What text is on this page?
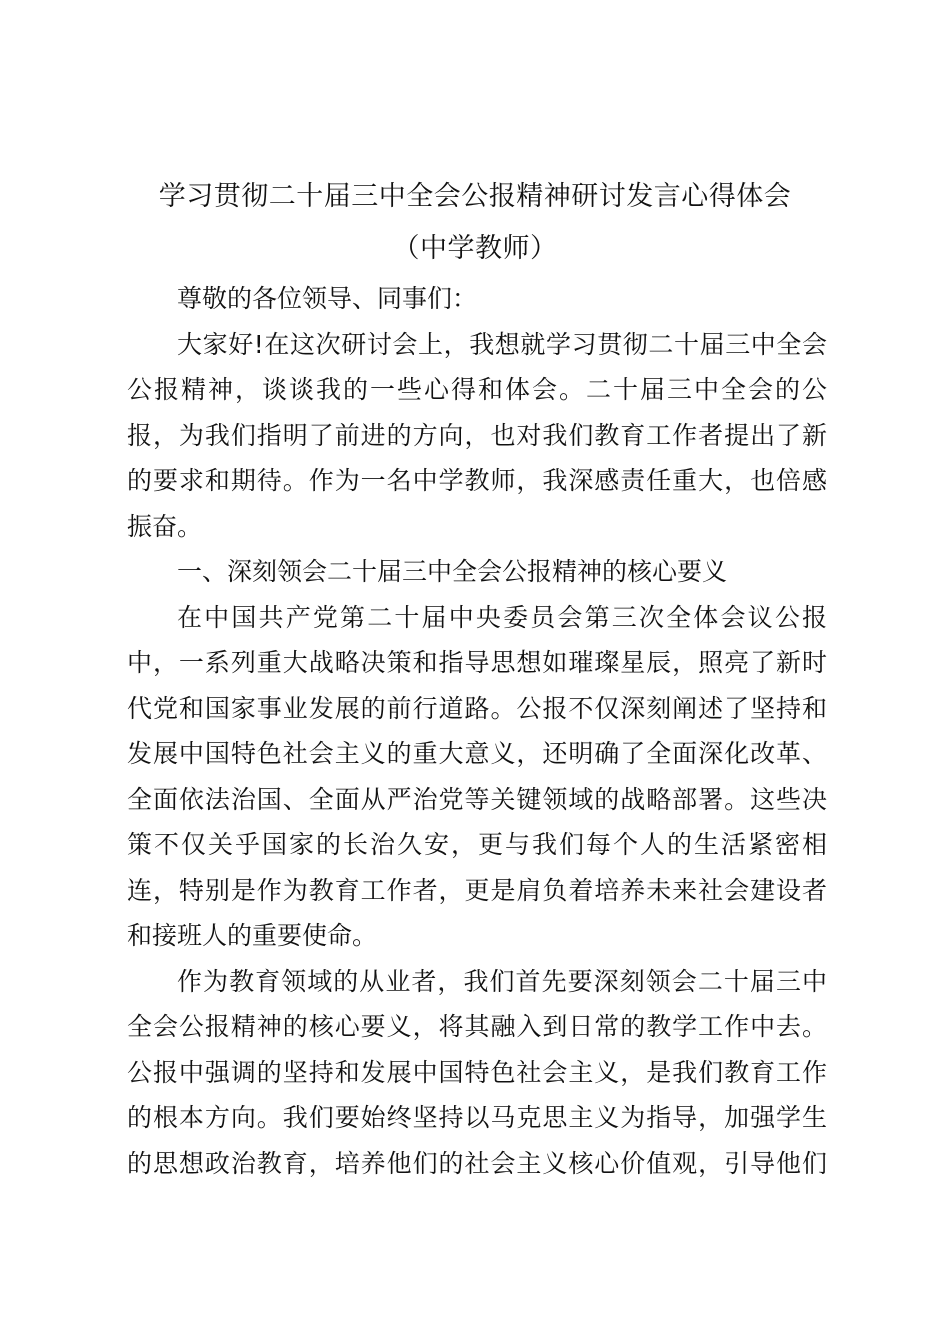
学习贯彻二十届三中全会公报精神研讨发言心得体会
（中学教师）
尊敬的各位领导、同事们：
大家好!在这次研讨会上，我想就学习贯彻二十届三中全会
公报精神，谈谈我的一些心得和体会。二十届三中全会的公
报，为我们指明了前进的方向，也对我们教育工作者提出了新
的要求和期待。作为一名中学教师，我深感责任重大，也倍感
振奋。
一、深刻领会二十届三中全会公报精神的核心要义
在中国共产党第二十届中央委员会第三次全体会议公报
中，一系列重大战略决策和指导思想如璀璨星辰，照亮了新时
代党和国家事业发展的前行道路。公报不仅深刻阐述了坚持和
发展中国特色社会主义的重大意义，还明确了全面深化改革、
全面依法治国、全面从严治党等关键领域的战略部署。这些决
策不仅关乎国家的长治久安，更与我们每个人的生活紧密相
连，特别是作为教育工作者，更是肩负着培养未来社会建设者
和接班人的重要使命。
作为教育领域的从业者，我们首先要深刻领会二十届三中
全会公报精神的核心要义，将其融入到日常的教学工作中去。
公报中强调的坚持和发展中国特色社会主义，是我们教育工作
的根本方向。我们要始终坚持以马克思主义为指导，加强学生
的思想政治教育，培养他们的社会主义核心价值观，引导他们
